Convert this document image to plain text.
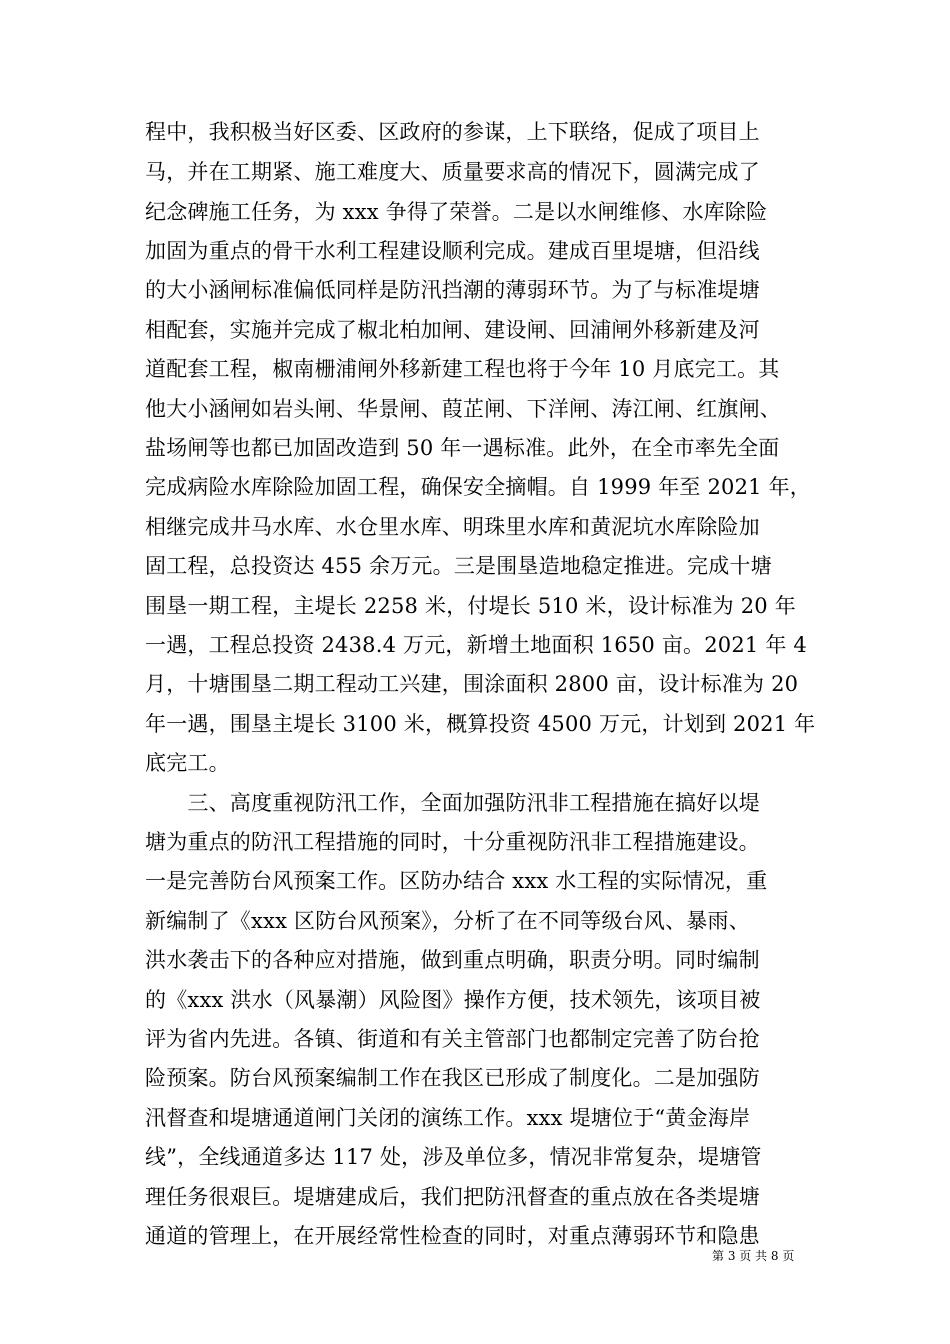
程中，我积极当好区委、区政府的参谋，上下联络，促成了项目上
马，并在工期紧、施工难度大、质量要求高的情况下，圆满完成了
纪念碑施工任务，为 xxx 争得了荣誉。二是以水闸维修、水库除险
加固为重点的骨干水利工程建设顺利完成。建成百里堤塘，但沿线
的大小涵闸标准偏低同样是防汛挡潮的薄弱环节。为了与标准堤塘
相配套，实施并完成了椒北柏加闸、建设闸、回浦闸外移新建及河
道配套工程，椒南栅浦闸外移新建工程也将于今年 10 月底完工。其
他大小涵闸如岩头闸、华景闸、葭芷闸、下洋闸、涛江闸、红旗闸、
盐场闸等也都已加固改造到 50 年一遇标准。此外，在全市率先全面
完成病险水库除险加固工程，确保安全摘帽。自 1999 年至 2021 年，
相继完成井马水库、水仓里水库、明珠里水库和黄泥坑水库除险加
固工程，总投资达 455 余万元。三是围垦造地稳定推进。完成十塘
围垦一期工程，主堤长 2258 米，付堤长 510 米，设计标准为 20 年
一遇，工程总投资 2438.4 万元，新增土地面积 1650 亩。2021 年 4
月，十塘围垦二期工程动工兴建，围涂面积 2800 亩，设计标准为 20
年一遇，围垦主堤长 3100 米，概算投资 4500 万元，计划到 2021 年
底完工。
　　三、高度重视防汛工作，全面加强防汛非工程措施在搞好以堤
塘为重点的防汛工程措施的同时，十分重视防汛非工程措施建设。
一是完善防台风预案工作。区防办结合 xxx 水工程的实际情况，重
新编制了《xxx 区防台风预案》，分析了在不同等级台风、暴雨、
洪水袭击下的各种应对措施，做到重点明确，职责分明。同时编制
的《xxx 洪水（风暴潮）风险图》操作方便，技术领先，该项目被
评为省内先进。各镇、街道和有关主管部门也都制定完善了防台抢
险预案。防台风预案编制工作在我区已形成了制度化。二是加强防
汛督查和堤塘通道闸门关闭的演练工作。xxx 堤塘位于“黄金海岸
线”，全线通道多达 117 处，涉及单位多，情况非常复杂，堤塘管
理任务很艰巨。堤塘建成后，我们把防汛督查的重点放在各类堤塘
通道的管理上，在开展经常性检查的同时，对重点薄弱环节和隐患
第 3 页 共 8 页
